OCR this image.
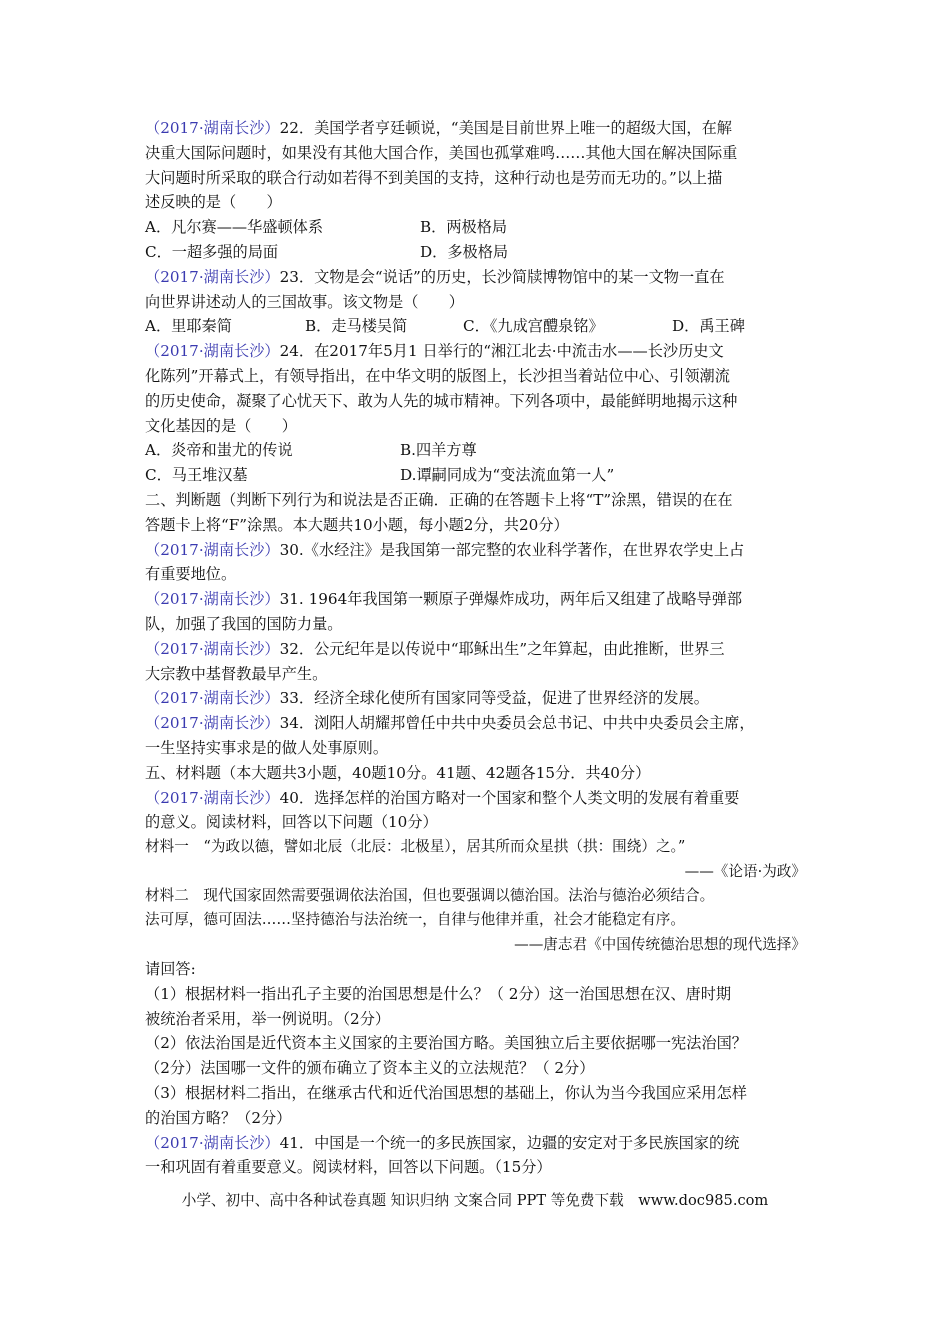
（2017·湖南长沙）22．美国学者亨廷顿说，“美国是目前世界上唯一的超级大国，在解
决重大国际问题时，如果没有其他大国合作，美国也孤掌难鸣……其他大国在解决国际重
大问题时所采取的联合行动如若得不到美国的支持，这种行动也是劳而无功的。”以上描
述反映的是（　　）
A．凡尔赛——华盛顿体系	B．两极格局
C．一超多强的局面	D．多极格局
（2017·湖南长沙）23．文物是会“说话”的历史，长沙简牍博物馆中的某一文物一直在
向世界讲述动人的三国故事。该文物是（　　）
A．里耶秦简	B．走马楼吴简	C．《九成宫醴泉铭》	D．禹王碑
（2017·湖南长沙）24．在2017年5月1 日举行的“湘江北去·中流击水——长沙历史文
化陈列”开幕式上，有领导指出，在中华文明的版图上，长沙担当着站位中心、引领潮流
的历史使命，凝聚了心忧天下、敢为人先的城市精神。下列各项中，最能鲜明地揭示这种
文化基因的是（　　）
A．炎帝和蚩尤的传说	B.四羊方尊
C．马王堆汉墓	D.谭嗣同成为“变法流血第一人”
二、判断题（判断下列行为和说法是否正确．正确的在答题卡上将“T”涂黑，错误的在在
答题卡上将“F”涂黑。本大题共10小题，每小题2分，共20分）
（2017·湖南长沙）30.《水经注》是我国第一部完整的农业科学著作，在世界农学史上占
有重要地位。
（2017·湖南长沙）31. 1964年我国第一颗原子弹爆炸成功，两年后又组建了战略导弹部
队，加强了我国的国防力量。
（2017·湖南长沙）32．公元纪年是以传说中“耶稣出生”之年算起，由此推断，世界三
大宗教中基督教最早产生。
（2017·湖南长沙）33．经济全球化使所有国家同等受益，促进了世界经济的发展。
（2017·湖南长沙）34．浏阳人胡耀邦曾任中共中央委员会总书记、中共中央委员会主席，
一生坚持实事求是的做人处事原则。
五、材料题（本大题共3小题，40题10分。41题、42题各15分．共40分）
（2017·湖南长沙）40．选择怎样的治国方略对一个国家和整个人类文明的发展有着重要
的意义。阅读材料，回答以下问题（10分）
材料一　“为政以德，譬如北辰（北辰：北极星），居其所而众星拱（拱：围绕）之。”
——《论语·为政》
材料二　现代国家固然需要强调依法治国，但也要强调以德治国。法治与德治必须结合。
法可厚，德可固法……坚持德治与法治统一，自律与他律并重，社会才能稳定有序。
——唐志君《中国传统德治思想的现代选择》
请回答:
（1）根据材料一指出孔子主要的治国思想是什么？（ 2分）这一治国思想在汉、唐时期
被统治者采用，举一例说明。（2分）
（2）依法治国是近代资本主义国家的主要治国方略。美国独立后主要依据哪一宪法治国？
（2分）法国哪一文件的颁布确立了资本主义的立法规范？（ 2分）
（3）根据材料二指出，在继承古代和近代治国思想的基础上，你认为当今我国应采用怎样
的治国方略？（2分）
（2017·湖南长沙）41．中国是一个统一的多民族国家，边疆的安定对于多民族国家的统
一和巩固有着重要意义。阅读材料，回答以下问题。（15分）
小学、初中、高中各种试卷真题 知识归纳 文案合同 PPT 等免费下载　www.doc985.com
